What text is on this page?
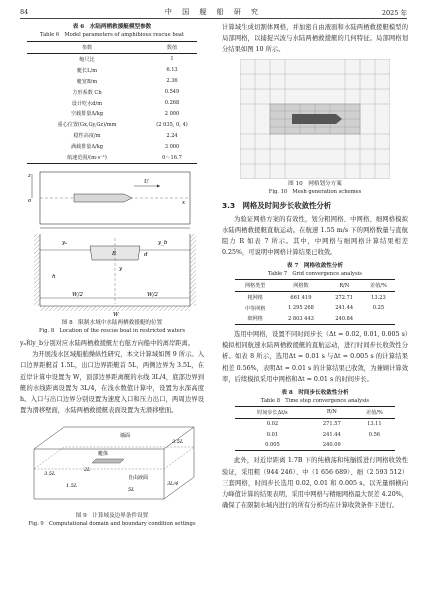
84	中 国 舰 船 研 究	2025 年

表 6　水陆两栖救援艇模型参数

Table 6　Model parameters of amphibious rescue boat

参数	数值
缩尺比	1
艇长L/m	6.13
艇宽B/m	2.36
方形系数 Cb	0.549
设计吃水d/m	0.268
空载排量Δ/kg	2 000
重心位置(Gx,Gy,Gz)/mm	(2 035, 0, 4)
稳性高度/m	2.24
满载排量Δ/kg	3 000
航速范围/(m·s⁻¹)	0～16.7
U
z
o	x
y
yₐ	y_b
d
h
B
W/2	W/2
W

图 8　限制水域中水陆两栖救援艇的位置

Fig. 8　Location of the rescue boat in restricted waters

yₐ和y_b分别对应水陆两栖救援艇左右舷方向船中的离岸距离。

为开展浅水区域船舶操纵性研究，本文计算域如图 9 所示。入口边界距艇首 1.5L，出口边界距艇首 5L，两侧边界为 3.5L，在近岸计算中设置为 W，顶部边界距离艇的水线 3L/4，底部边界到艇的水线距离设置为 3L/4，在浅水数值计算中，设置为水深高度 h。入口与出口边界分别设置为速度入口和压力出口，两周边界设置为滑移壁面，水陆两栖救援艇表面设置为无滑移壁面。

艇体
墙面
自由液面
3.5L
3.5L
1.5L
5L
3L/4
2L

图 9　计算域及边界条件设置

Fig. 9　Computational domain and boundary condition settings

计算域生成切割体网格，并加密自由液面和水陆两栖救援艇模型的局部网格，以捕捉兴波与水陆两栖救援艇的几何特征。局部网格划分结果如图 10 所示。

图 10　网格划分方案

Fig. 10　Mesh generation schemes

3.3　网格及时间步长收敛性分析

为验证网格方案的有效性，划分粗网格、中网格、细网格模拟水陆两栖救援艇直航运动。在航速 1.55 m/s 下的网格数量与直航阻力 R 如表 7 所示。其中，中网格与细网格计算结果相差 0.25%，可说明中网格计算结果已收敛。

表 7　网格收敛性分析

Table 7　Grid convergence analysis

网格类型	网格数	R/N	差值/%
粗网格	661 419	272.71	13.23
中等网格	1 295 268	241.44	0.25
细网格	2 803 443	240.84	

选用中网格，设置不同时间步长（Δt = 0.02, 0.01, 0.005 s）模拟相同航速水陆两栖救援艇的直航运动，进行时间步长收敛性分析。如表 8 所示，选用Δt = 0.01 s 与Δt = 0.005 s 的计算结果相差 0.56%，表明Δt = 0.01 s 的计算结果已收敛，为兼顾计算效率，后续模拟采用中网格和Δt = 0.01 s 的时间步长。

表 8　时间步长收敛性分析

Table 8　Time step convergence analysis

时间步长Δt/s	R/N	差值/%
0.02	271.57	13.11
0.01	241.44	0.56
0.005	240.09	

此外，对近岸距离 1.7B 下的纯横荡和纯艏摇进行网格收敛性验证，采用粗（944 246）、中（1 656 689）、细（2 593 512）三套网格，时间步长选用 0.02, 0.01 和 0.005 s。以无量纲横向力峰值计算的结果表明，采用中网格与精细网格最大误差 4.20%，确保了在限制水域内进行的所有分析均在计算收敛条件下进行。
